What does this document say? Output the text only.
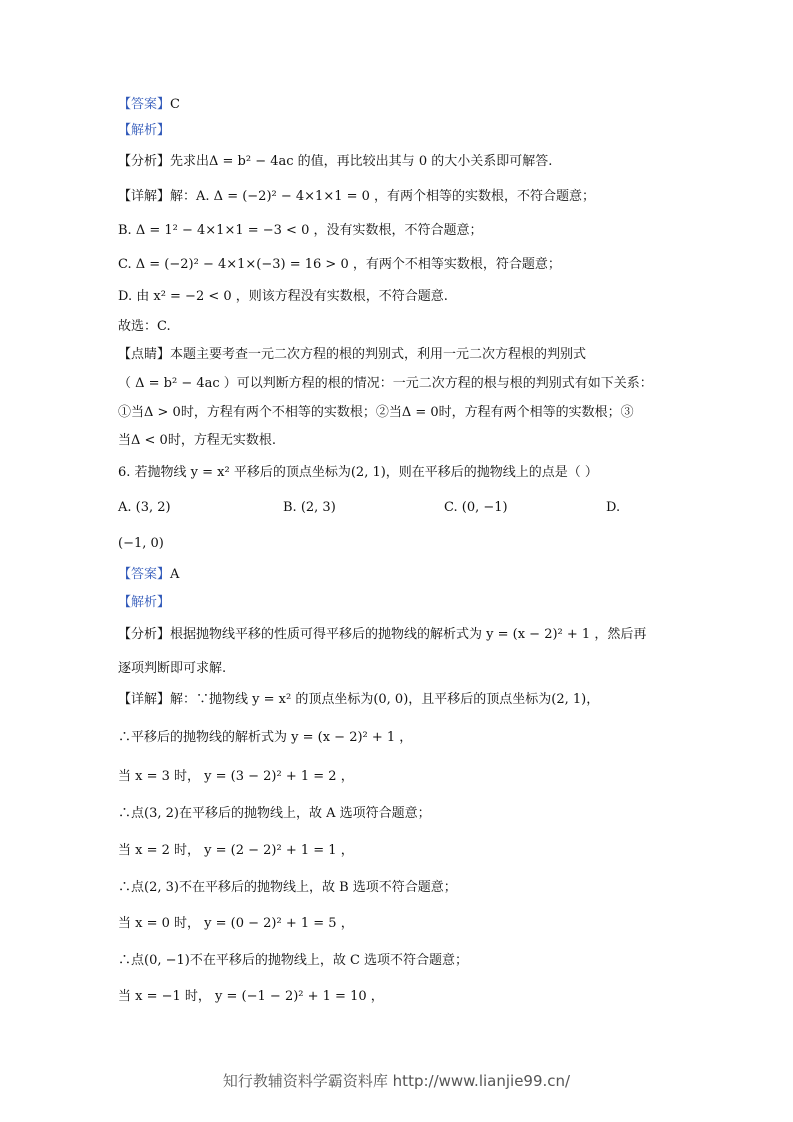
【答案】C
【解析】
【分析】先求出Δ = b² − 4ac 的值，再比较出其与 0 的大小关系即可解答.
【详解】解：A. Δ = (−2)² − 4×1×1 = 0 ，有两个相等的实数根，不符合题意；
B. Δ = 1² − 4×1×1 = −3 < 0 ，没有实数根，不符合题意；
C. Δ = (−2)² − 4×1×(−3) = 16 > 0 ，有两个不相等实数根，符合题意；
D. 由 x² = −2 < 0 ，则该方程没有实数根，不符合题意.
故选：C.
【点睛】本题主要考查一元二次方程的根的判别式，利用一元二次方程根的判别式
（ Δ = b² − 4ac ）可以判断方程的根的情况：一元二次方程的根与根的判别式有如下关系：
①当Δ > 0时，方程有两个不相等的实数根；②当Δ = 0时，方程有两个相等的实数根；③
当Δ < 0时，方程无实数根.
6. 若抛物线 y = x² 平移后的顶点坐标为(2, 1)，则在平移后的抛物线上的点是（ ）
A. (3, 2)	B. (2, 3)	C. (0, −1)	D.
(−1, 0)
【答案】A
【解析】
【分析】根据抛物线平移的性质可得平移后的抛物线的解析式为 y = (x − 2)² + 1 ，然后再
逐项判断即可求解.
【详解】解：∵抛物线 y = x² 的顶点坐标为(0, 0)，且平移后的顶点坐标为(2, 1)，
∴平移后的抛物线的解析式为 y = (x − 2)² + 1 ，
当 x = 3 时， y = (3 − 2)² + 1 = 2 ，
∴点(3, 2)在平移后的抛物线上，故 A 选项符合题意；
当 x = 2 时， y = (2 − 2)² + 1 = 1 ，
∴点(2, 3)不在平移后的抛物线上，故 B 选项不符合题意；
当 x = 0 时， y = (0 − 2)² + 1 = 5 ，
∴点(0, −1)不在平移后的抛物线上，故 C 选项不符合题意；
当 x = −1 时， y = (−1 − 2)² + 1 = 10 ，
知行教辅资料学霸资料库 http://www.lianjie99.cn/
